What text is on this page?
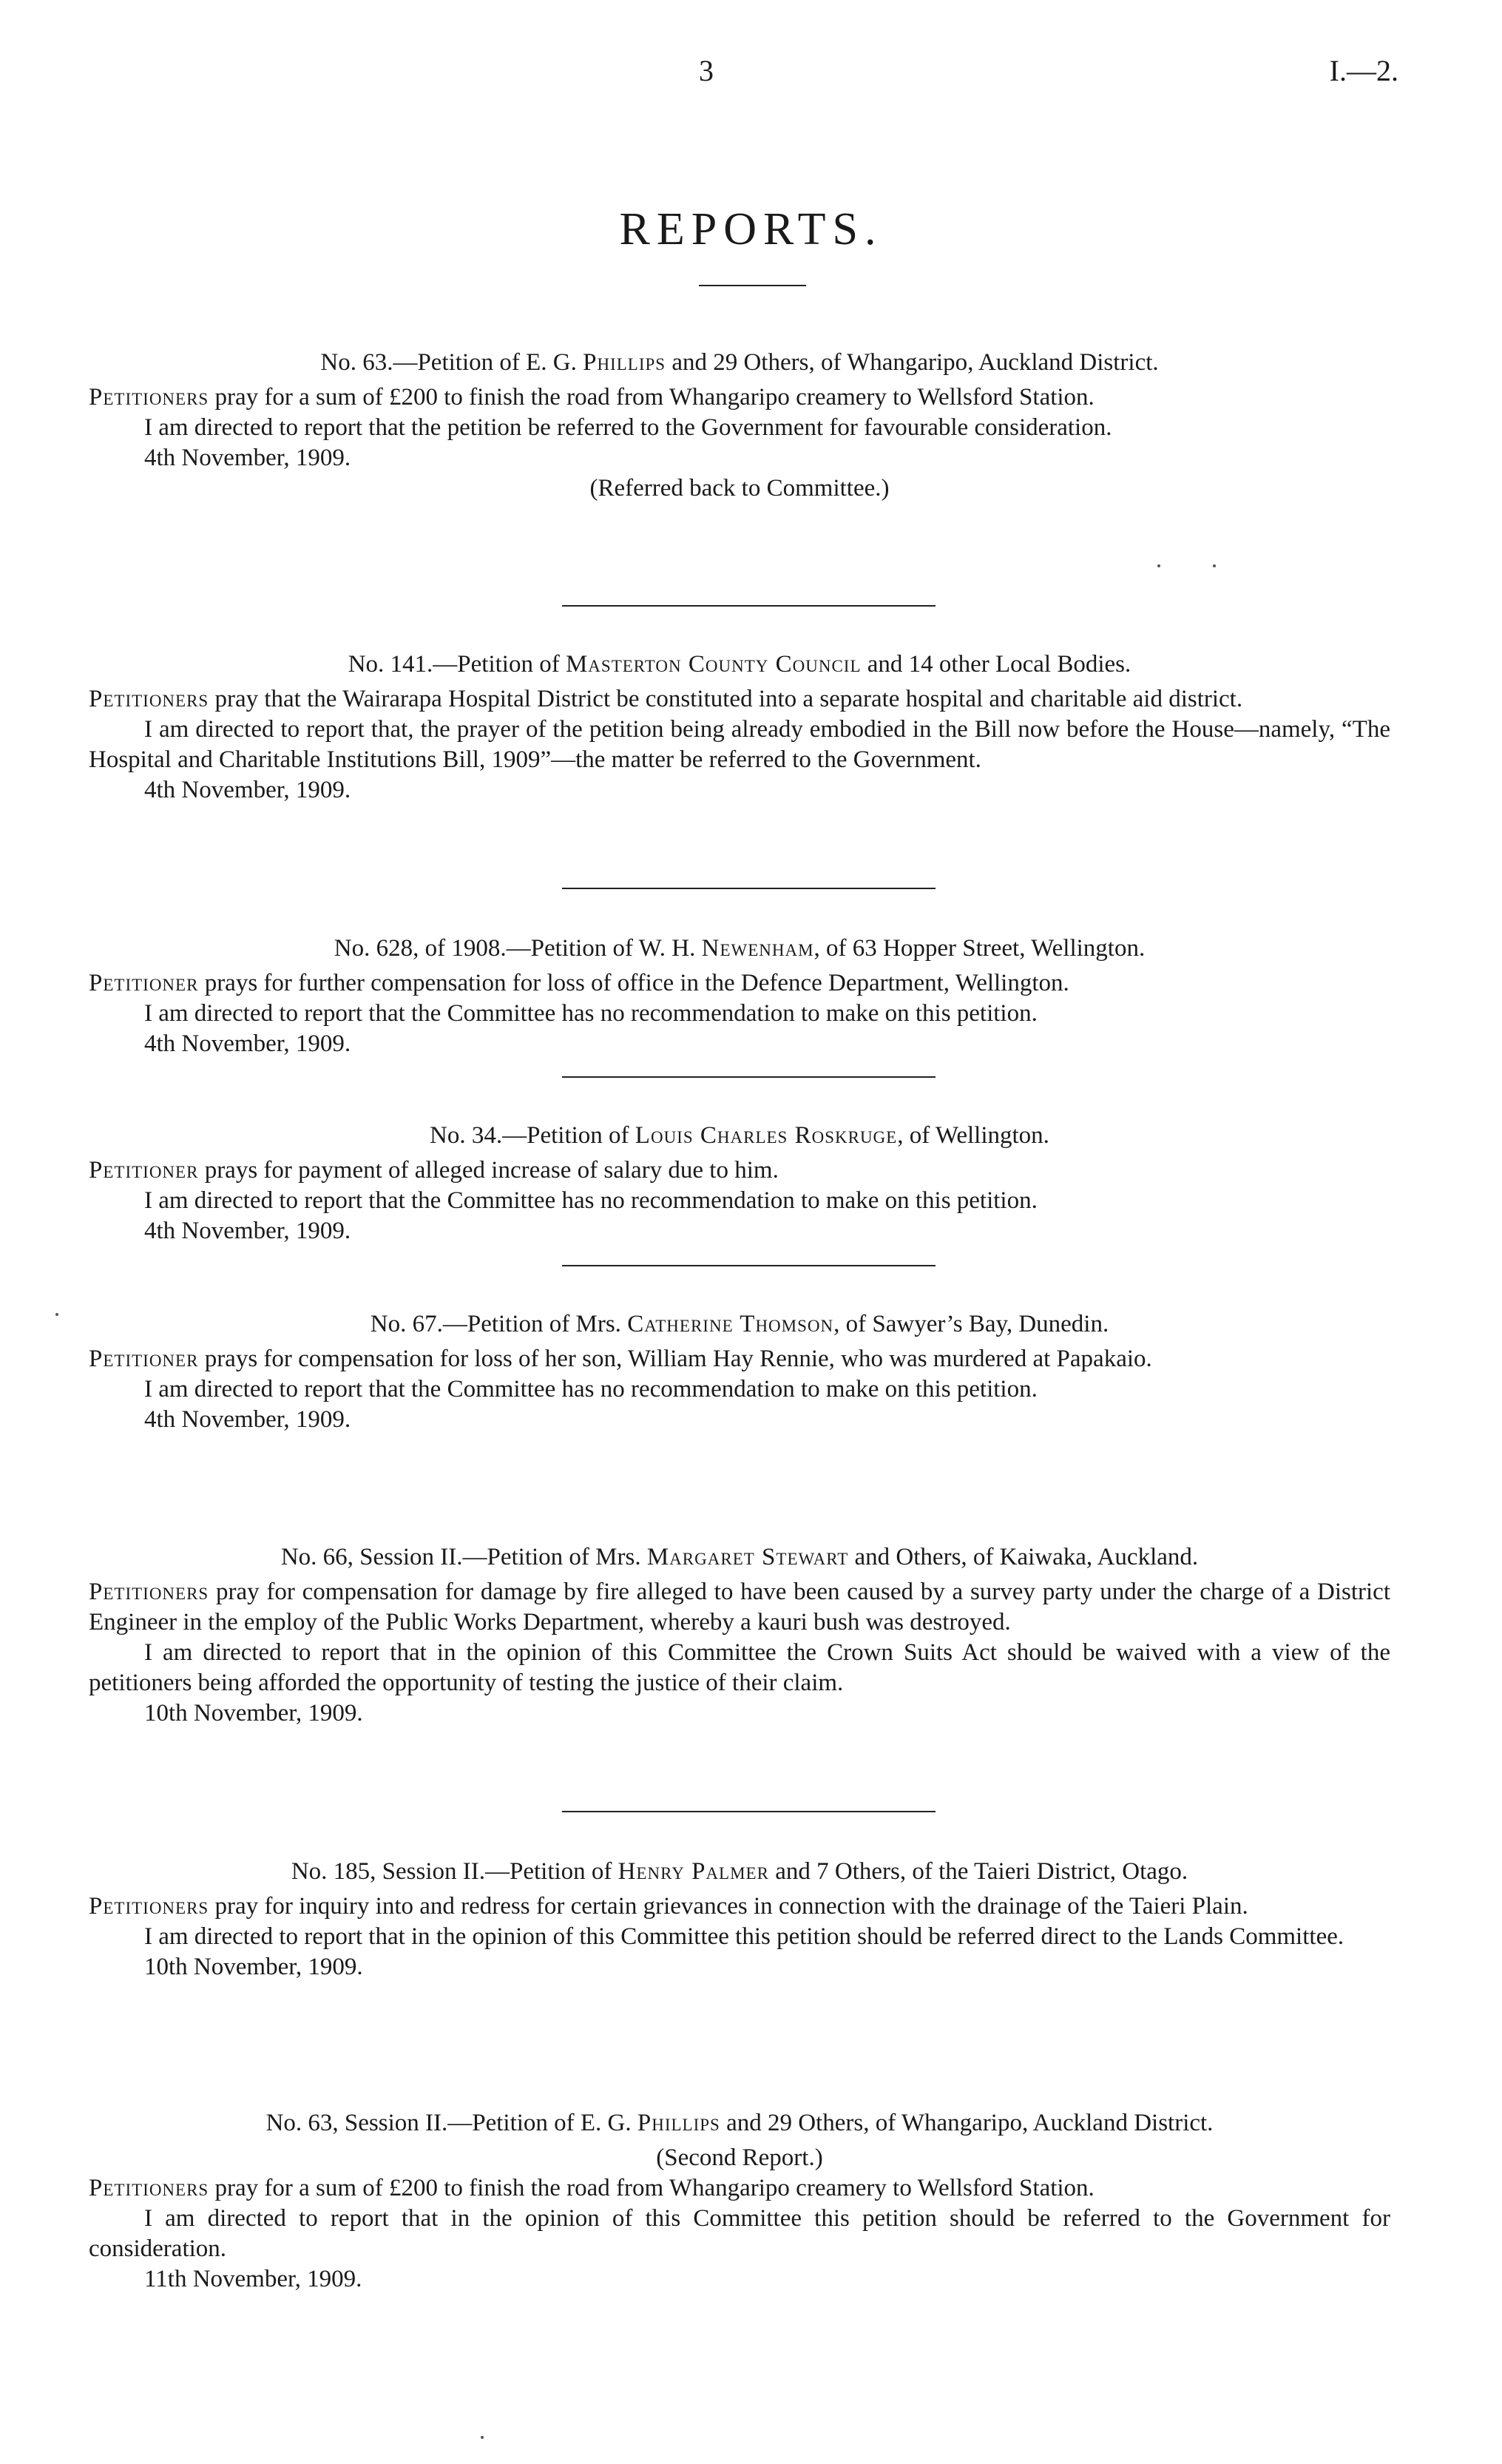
3	I.—2.
REPORTS.

No. 63.—Petition of E. G. Phillips and 29 Others, of Whangaripo, Auckland District.

Petitioners pray for a sum of £200 to finish the road from Whangaripo creamery to Wellsford Station.

I am directed to report that the petition be referred to the Government for favourable consideration.

4th November, 1909.

(Referred back to Committee.)

No. 141.—Petition of Masterton County Council and 14 other Local Bodies.

Petitioners pray that the Wairarapa Hospital District be constituted into a separate hospital and charitable aid district.

I am directed to report that, the prayer of the petition being already embodied in the Bill now before the House—namely, “The Hospital and Charitable Institutions Bill, 1909”—the matter be referred to the Government.

4th November, 1909.

No. 628, of 1908.—Petition of W. H. Newenham, of 63 Hopper Street, Wellington.

Petitioner prays for further compensation for loss of office in the Defence Department, Wellington.

I am directed to report that the Committee has no recommendation to make on this petition.

4th November, 1909.

No. 34.—Petition of Louis Charles Roskruge, of Wellington.

Petitioner prays for payment of alleged increase of salary due to him.

I am directed to report that the Committee has no recommendation to make on this petition.

4th November, 1909.

No. 67.—Petition of Mrs. Catherine Thomson, of Sawyer’s Bay, Dunedin.

Petitioner prays for compensation for loss of her son, William Hay Rennie, who was murdered at Papakaio.

I am directed to report that the Committee has no recommendation to make on this petition.

4th November, 1909.

No. 66, Session II.—Petition of Mrs. Margaret Stewart and Others, of Kaiwaka, Auckland.

Petitioners pray for compensation for damage by fire alleged to have been caused by a survey party under the charge of a District Engineer in the employ of the Public Works Department, whereby a kauri bush was destroyed.

I am directed to report that in the opinion of this Committee the Crown Suits Act should be waived with a view of the petitioners being afforded the opportunity of testing the justice of their claim.

10th November, 1909.

No. 185, Session II.—Petition of Henry Palmer and 7 Others, of the Taieri District, Otago.

Petitioners pray for inquiry into and redress for certain grievances in connection with the drainage of the Taieri Plain.

I am directed to report that in the opinion of this Committee this petition should be referred direct to the Lands Committee.

10th November, 1909.

No. 63, Session II.—Petition of E. G. Phillips and 29 Others, of Whangaripo, Auckland District.

(Second Report.)

Petitioners pray for a sum of £200 to finish the road from Whangaripo creamery to Wellsford Station.

I am directed to report that in the opinion of this Committee this petition should be referred to the Government for consideration.

11th November, 1909.
